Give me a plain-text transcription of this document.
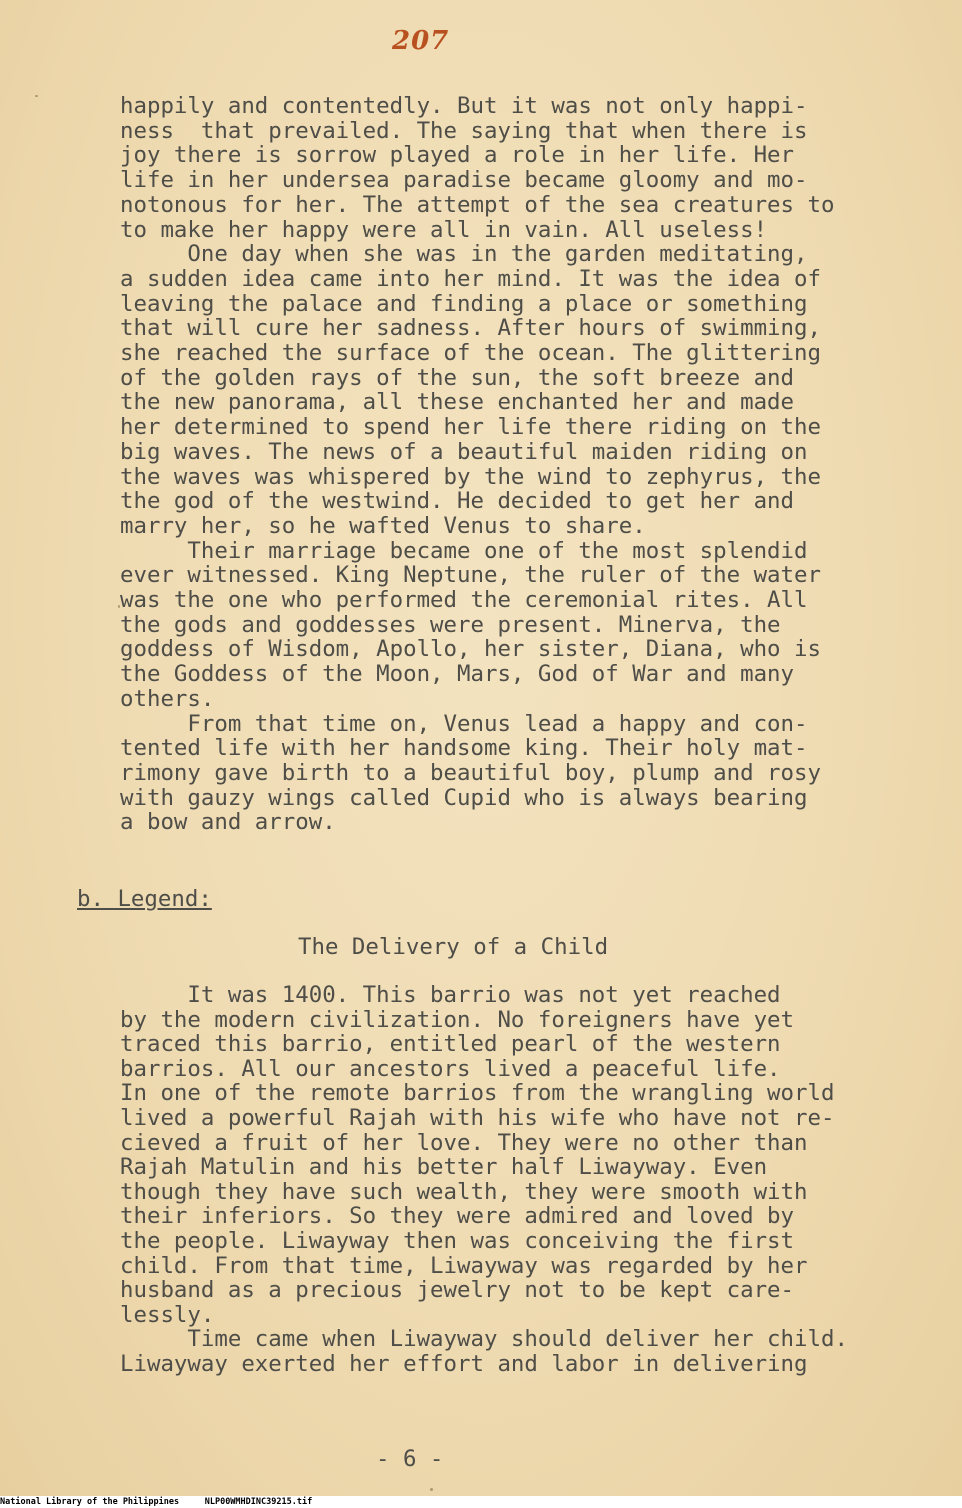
207
happily and contentedly. But it was not only happi-
ness  that prevailed. The saying that when there is
joy there is sorrow played a role in her life. Her
life in her undersea paradise became gloomy and mo-
notonous for her. The attempt of the sea creatures to
to make her happy were all in vain. All useless!
One day when she was in the garden meditating,
a sudden idea came into her mind. It was the idea of
leaving the palace and finding a place or something
that will cure her sadness. After hours of swimming,
she reached the surface of the ocean. The glittering
of the golden rays of the sun, the soft breeze and
the new panorama, all these enchanted her and made
her determined to spend her life there riding on the
big waves. The news of a beautiful maiden riding on
the waves was whispered by the wind to zephyrus, the
the god of the westwind. He decided to get her and
marry her, so he wafted Venus to share.
Their marriage became one of the most splendid
ever witnessed. King Neptune, the ruler of the water
was the one who performed the ceremonial rites. All
the gods and goddesses were present. Minerva, the
goddess of Wisdom, Apollo, her sister, Diana, who is
the Goddess of the Moon, Mars, God of War and many
others.
From that time on, Venus lead a happy and con-
tented life with her handsome king. Their holy mat-
rimony gave birth to a beautiful boy, plump and rosy
with gauzy wings called Cupid who is always bearing
a bow and arrow.
b. Legend:
The Delivery of a Child
It was 1400. This barrio was not yet reached
by the modern civilization. No foreigners have yet
traced this barrio, entitled pearl of the western
barrios. All our ancestors lived a peaceful life.
In one of the remote barrios from the wrangling world
lived a powerful Rajah with his wife who have not re-
cieved a fruit of her love. They were no other than
Rajah Matulin and his better half Liwayway. Even
though they have such wealth, they were smooth with
their inferiors. So they were admired and loved by
the people. Liwayway then was conceiving the first
child. From that time, Liwayway was regarded by her
husband as a precious jewelry not to be kept care-
lessly.
Time came when Liwayway should deliver her child.
Liwayway exerted her effort and labor in delivering
- 6 -
National Library of the Philippines	NLP00WMHDINC39215.tif
